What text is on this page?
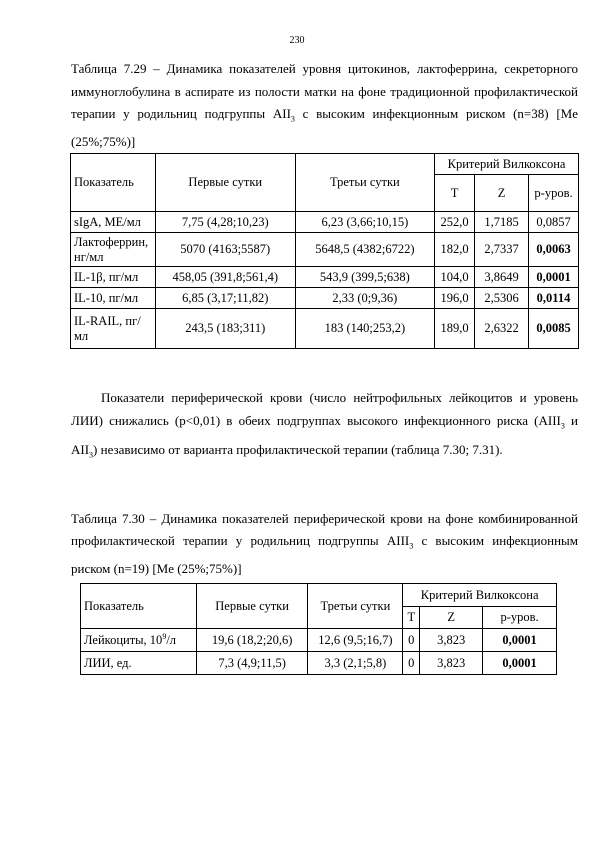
230
Таблица 7.29 – Динамика показателей уровня цитокинов, лактоферрина, секреторного иммуноглобулина в аспирате из полости матки на фоне традиционной профилактической терапии у родильниц подгруппы $АII_3$ с высоким инфекционным риском (n=38) [Me (25%;75%)]
Показатель	Первые сутки	Третьи сутки	Критерий Вилкоксона		
			T	Z	р-уров.
sIgA, МЕ/мл	7,75 (4,28;10,23)	6,23 (3,66;10,15)	252,0	1,7185	0,0857
Лактоферрин, нг/мл	5070 (4163;5587)	5648,5 (4382;6722)	182,0	2,7337	0,0063
IL-1β, пг/мл	458,05 (391,8;561,4)	543,9 (399,5;638)	104,0	3,8649	0,0001
IL-10, пг/мл	6,85 (3,17;11,82)	2,33 (0;9,36)	196,0	2,5306	0,0114
IL-RAIL, пг/мл	243,5 (183;311)	183 (140;253,2)	189,0	2,6322	0,0085
Показатели периферической крови (число нейтрофильных лейкоцитов и уровень ЛИИ) снижались (р<0,01) в обеих подгруппах высокого инфекционного риска ($АIII_3$ и $АII_3$) независимо от варианта профилактической терапии (таблица 7.30; 7.31).
Таблица 7.30 – Динамика показателей периферической крови на фоне комбинированной профилактической терапии у родильниц подгруппы $АIII_3$ с высоким инфекционным риском (n=19) [Me (25%;75%)]
Показатель	Первые сутки	Третьи сутки	Критерий Вилкоксона		
			T	Z	р-уров.
Лейкоциты, $10^9/л$	19,6 (18,2;20,6)	12,6 (9,5;16,7)	0	3,823	0,0001
ЛИИ, ед.	7,3 (4,9;11,5)	3,3 (2,1;5,8)	0	3,823	0,0001
